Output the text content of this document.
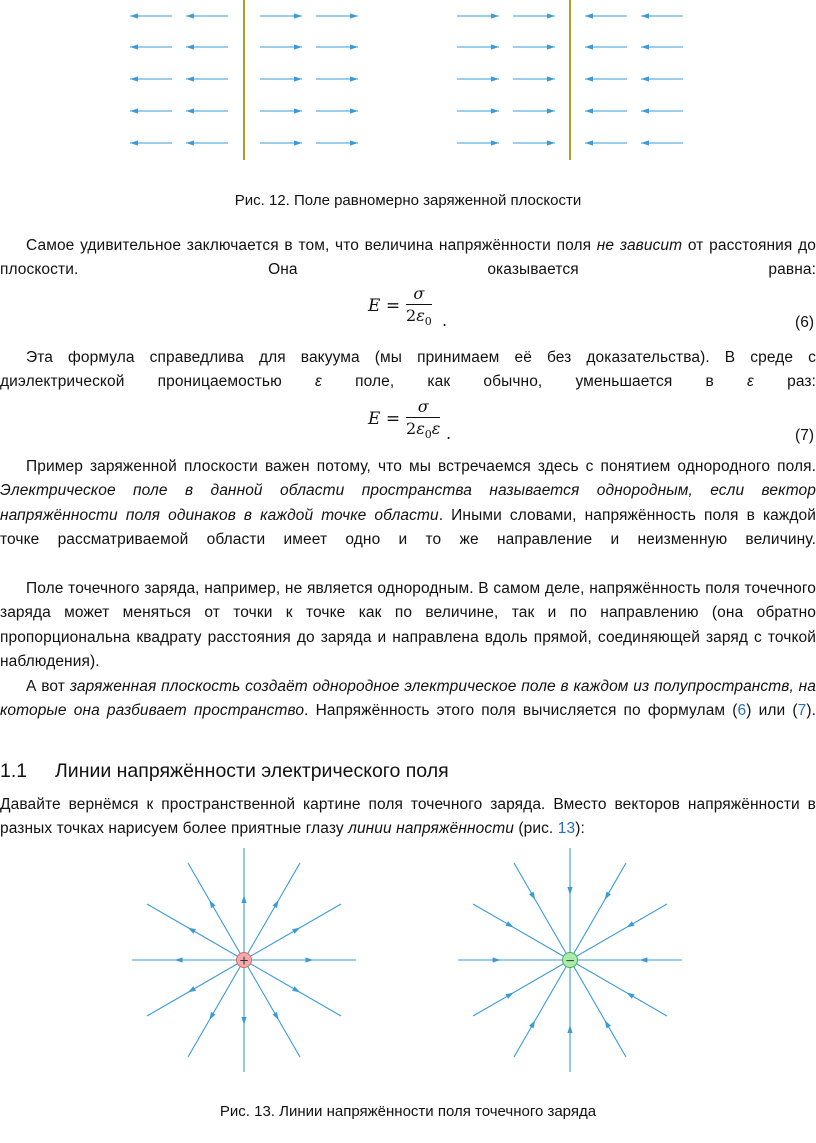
Рис. 12. Поле равномерно заряженной плоскости
Самое удивительное заключается в том, что величина напряжённости поля не зависит от расстояния до плоскости. Она оказывается равна:
$E = \frac{\sigma}{2\varepsilon_0}$ .	(6)
Эта формула справедлива для вакуума (мы принимаем её без доказательства). В среде с диэлектрической проницаемостью ε поле, как обычно, уменьшается в ε раз:
$E = \frac{\sigma}{2\varepsilon_0\varepsilon}$ .	(7)
Пример заряженной плоскости важен потому, что мы встречаемся здесь с понятием однородного поля. Электрическое поле в данной области пространства называется однородным, если вектор напряжённости поля одинаков в каждой точке области. Иными словами, напряжённость поля в каждой точке рассматриваемой области имеет одно и то же направление и неизменную величину.
Поле точечного заряда, например, не является однородным. В самом деле, напряжённость поля точечного заряда может меняться от точки к точке как по величине, так и по направлению (она обратно пропорциональна квадрату расстояния до заряда и направлена вдоль прямой, соединяющей заряд с точкой наблюдения).
А вот заряженная плоскость создаёт однородное электрическое поле в каждом из полупространств, на которые она разбивает пространство. Напряжённость этого поля вычисляется по формулам (6) или (7).
1.1 Линии напряжённости электрического поля
Давайте вернёмся к пространственной картине поля точечного заряда. Вместо векторов напряжённости в разных точках нарисуем более приятные глазу линии напряжённости (рис. 13):
+	−
Рис. 13. Линии напряжённости поля точечного заряда
